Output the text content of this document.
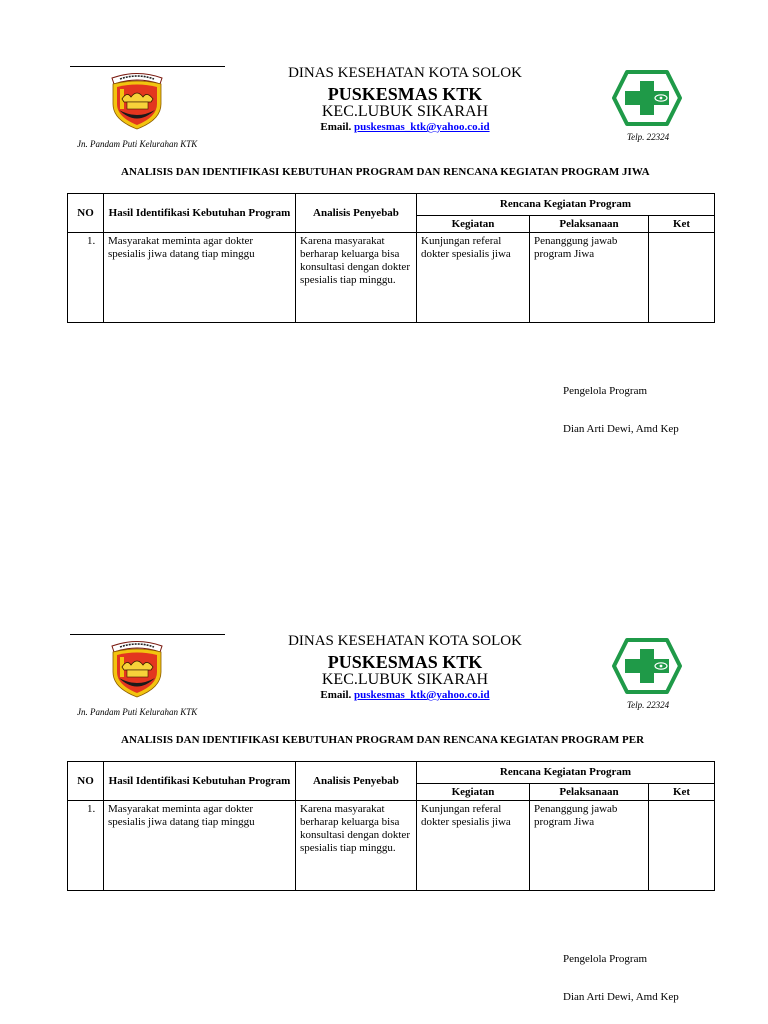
Jn. Pandam Puti Kelurahan KTK
DINAS KESEHATAN KOTA SOLOK
PUSKESMAS KTK
KEC.LUBUK SIKARAH
Email. puskesmas_ktk@yahoo.co.id
Telp. 22324
ANALISIS DAN IDENTIFIKASI KEBUTUHAN PROGRAM DAN RENCANA KEGIATAN PROGRAM JIWA
NO	Hasil Identifikasi Kebutuhan Program	Analisis Penyebab	Rencana Kegiatan Program		
			Kegiatan	Pelaksanaan	Ket
1.	Masyarakat meminta agar dokter spesialis jiwa datang tiap minggu	Karena masyarakat berharap keluarga bisa konsultasi dengan dokter spesialis tiap minggu.	Kunjungan referal dokter spesialis jiwa	Penanggung jawab program Jiwa	

Pengelola Program
Dian Arti Dewi, Amd Kep
Jn. Pandam Puti Kelurahan KTK
DINAS KESEHATAN KOTA SOLOK
PUSKESMAS KTK
KEC.LUBUK SIKARAH
Email. puskesmas_ktk@yahoo.co.id
Telp. 22324
ANALISIS DAN IDENTIFIKASI KEBUTUHAN PROGRAM DAN RENCANA KEGIATAN PROGRAM PER
NO	Hasil Identifikasi Kebutuhan Program	Analisis Penyebab	Rencana Kegiatan Program		
			Kegiatan	Pelaksanaan	Ket
1.	Masyarakat meminta agar dokter spesialis jiwa datang tiap minggu	Karena masyarakat berharap keluarga bisa konsultasi dengan dokter spesialis tiap minggu.	Kunjungan referal dokter spesialis jiwa	Penanggung jawab program Jiwa	

Pengelola Program
Dian Arti Dewi, Amd Kep
